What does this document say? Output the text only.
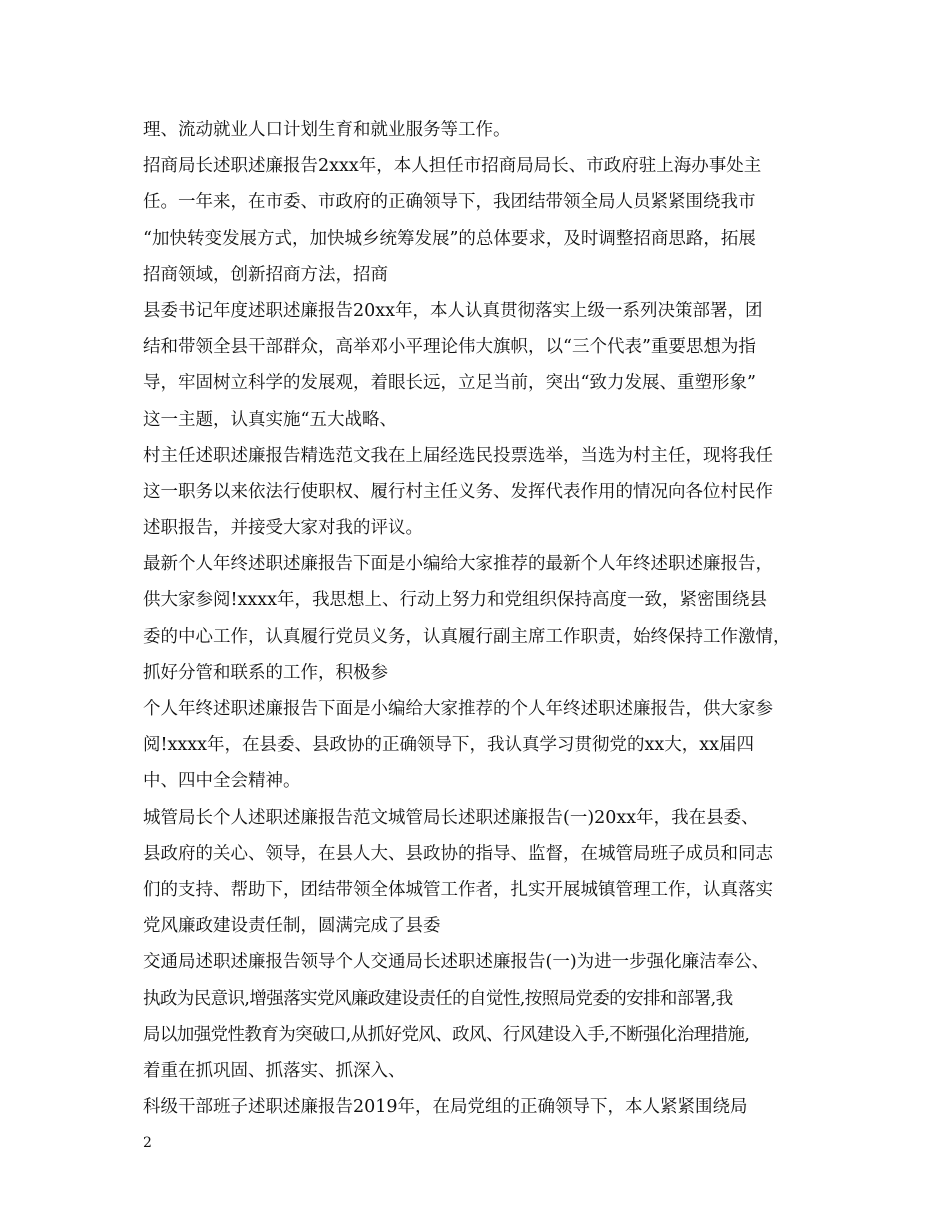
理、流动就业人口计划生育和就业服务等工作。
招商局长述职述廉报告2xxx年，本人担任市招商局局长、市政府驻上海办事处主
任。一年来，在市委、市政府的正确领导下，我团结带领全局人员紧紧围绕我市
“加快转变发展方式，加快城乡统筹发展”的总体要求，及时调整招商思路，拓展
招商领域，创新招商方法，招商
县委书记年度述职述廉报告20xx年，本人认真贯彻落实上级一系列决策部署，团
结和带领全县干部群众，高举邓小平理论伟大旗帜，以“三个代表”重要思想为指
导，牢固树立科学的发展观，着眼长远，立足当前，突出“致力发展、重塑形象”
这一主题，认真实施“五大战略、
村主任述职述廉报告精选范文我在上届经选民投票选举，当选为村主任，现将我任
这一职务以来依法行使职权、履行村主任义务、发挥代表作用的情况向各位村民作
述职报告，并接受大家对我的评议。
最新个人年终述职述廉报告下面是小编给大家推荐的最新个人年终述职述廉报告，
供大家参阅!xxxx年，我思想上、行动上努力和党组织保持高度一致，紧密围绕县
委的中心工作，认真履行党员义务，认真履行副主席工作职责，始终保持工作激情，
抓好分管和联系的工作，积极参
个人年终述职述廉报告下面是小编给大家推荐的个人年终述职述廉报告，供大家参
阅!xxxx年，在县委、县政协的正确领导下，我认真学习贯彻党的xx大，xx届四
中、四中全会精神。
城管局长个人述职述廉报告范文城管局长述职述廉报告(一)20xx年，我在县委、
县政府的关心、领导，在县人大、县政协的指导、监督，在城管局班子成员和同志
们的支持、帮助下，团结带领全体城管工作者，扎实开展城镇管理工作，认真落实
党风廉政建设责任制，圆满完成了县委
交通局述职述廉报告领导个人交通局长述职述廉报告(一)为进一步强化廉洁奉公、
执政为民意识,增强落实党风廉政建设责任的自觉性,按照局党委的安排和部署,我
局以加强党性教育为突破口,从抓好党风、政风、行风建设入手,不断强化治理措施,
着重在抓巩固、抓落实、抓深入、
科级干部班子述职述廉报告2019年，在局党组的正确领导下，本人紧紧围绕局
2
